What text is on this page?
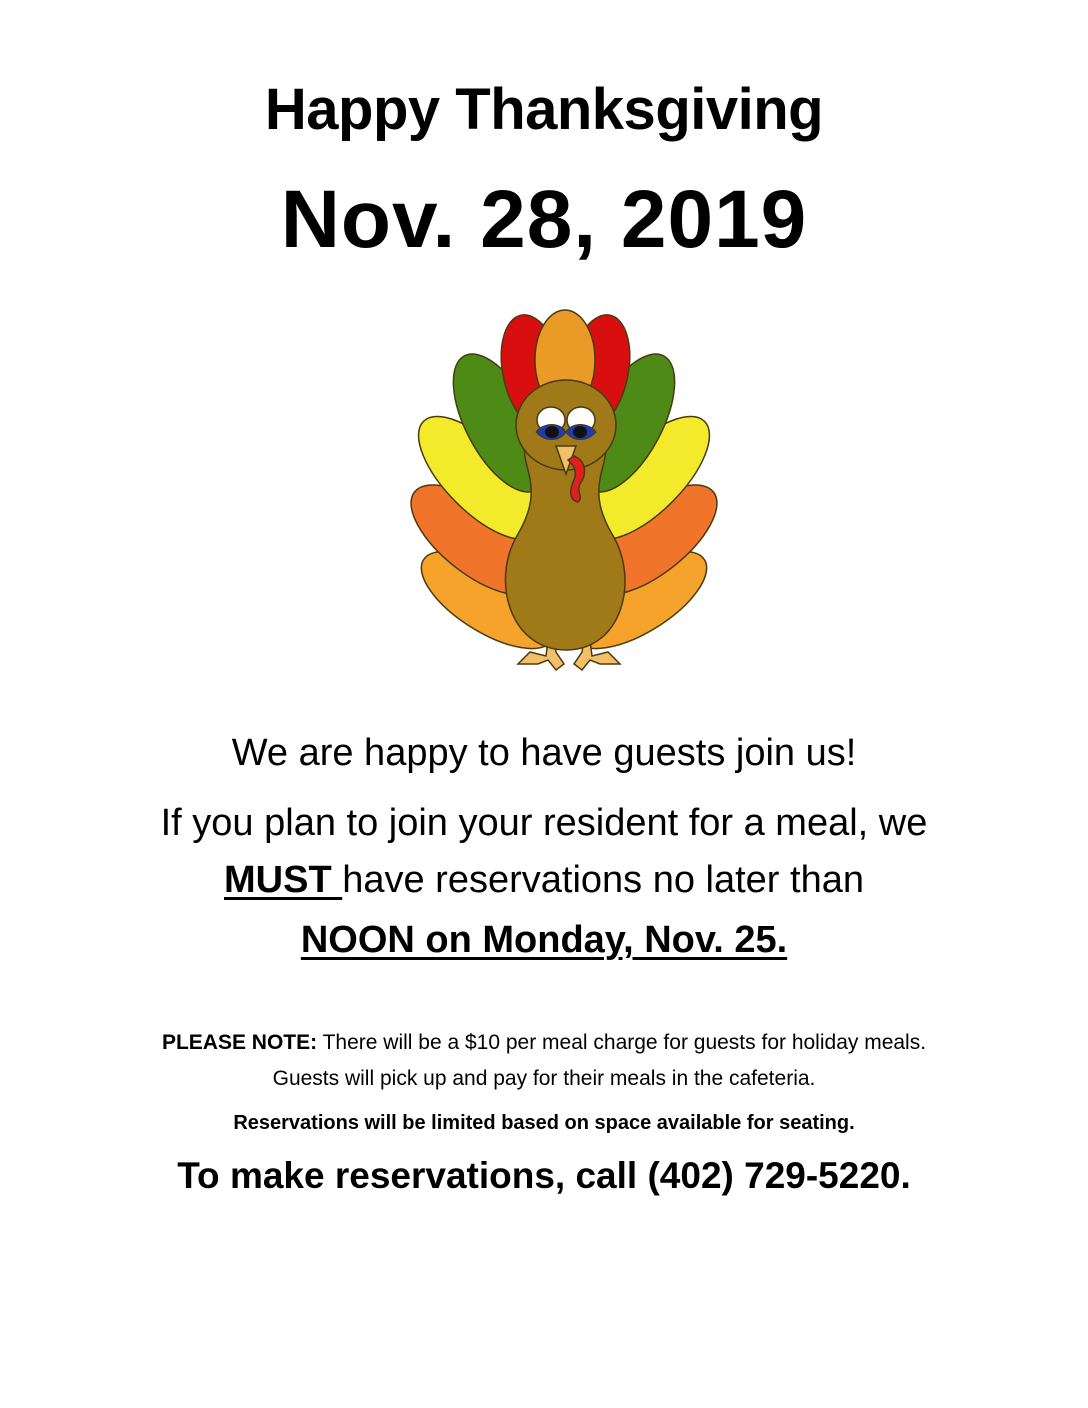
Happy Thanksgiving
Nov. 28, 2019
We are happy to have guests join us!
If you plan to join your resident for a meal, we
MUST have reservations no later than
NOON on Monday, Nov. 25.
PLEASE NOTE: There will be a $10 per meal charge for guests for holiday meals.
Guests will pick up and pay for their meals in the cafeteria.
Reservations will be limited based on space available for seating.
To make reservations, call (402) 729-5220.
